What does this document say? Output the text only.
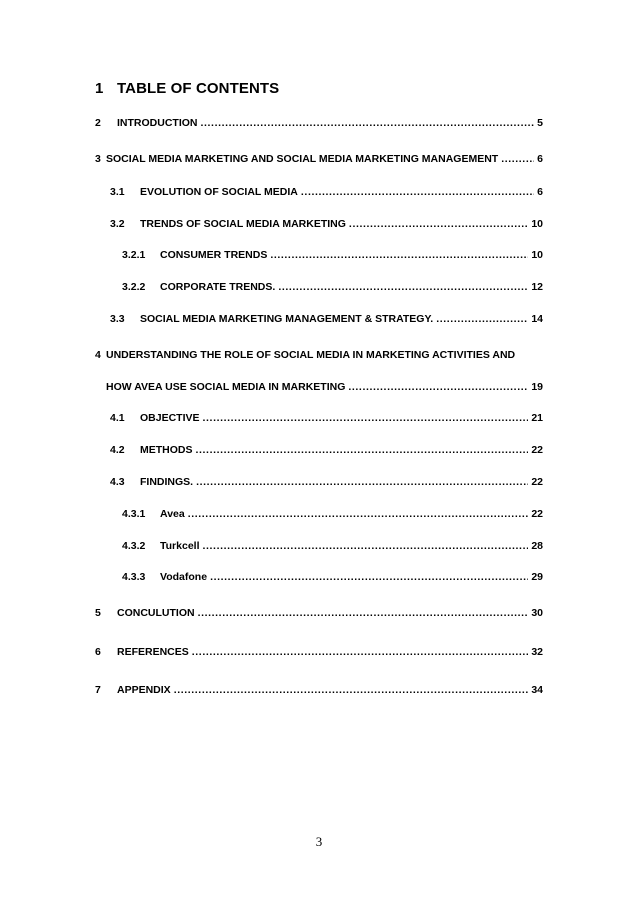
1 TABLE OF CONTENTS
2	INTRODUCTION .....	5
3 SOCIAL MEDIA MARKETING AND SOCIAL MEDIA MARKETING MANAGEMENT .....	6
3.1	EVOLUTION OF SOCIAL MEDIA .....	6
3.2	TRENDS OF SOCIAL MEDIA MARKETING .....	10
3.2.1	CONSUMER TRENDS .....	10
3.2.2	CORPORATE TRENDS. .....	12
3.3	SOCIAL MEDIA MARKETING MANAGEMENT & STRATEGY. .....	14
4 UNDERSTANDING THE ROLE OF SOCIAL MEDIA IN MARKETING ACTIVITIES AND
HOW AVEA USE SOCIAL MEDIA IN MARKETING .....	19
4.1	OBJECTIVE .....	21
4.2	METHODS .....	22
4.3	FINDINGS. .....	22
4.3.1	Avea .....	22
4.3.2	Turkcell .....	28
4.3.3	Vodafone .....	29
5	CONCULUTION .....	30
6	REFERENCES .....	32
7	APPENDIX .....	34
3
